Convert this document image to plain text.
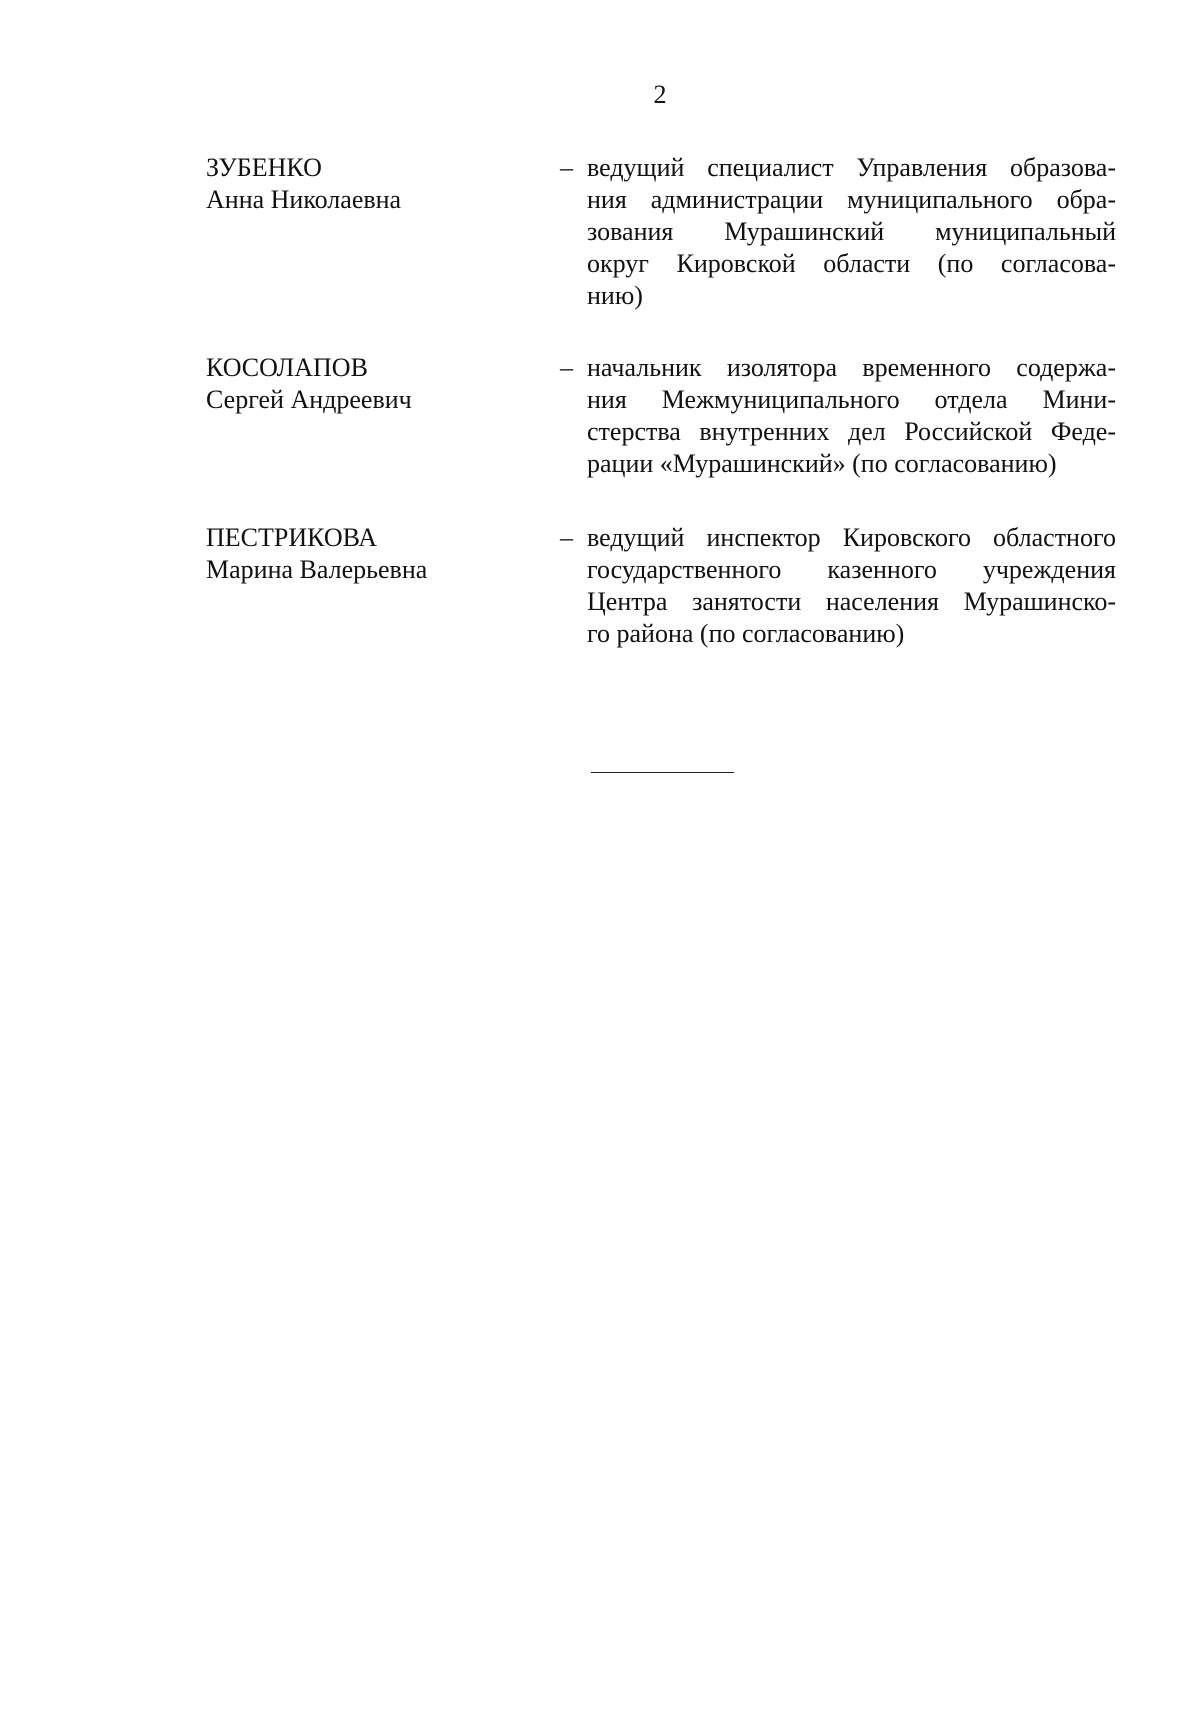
2
ЗУБЕНКО
Анна Николаевна
– ведущий специалист Управления образова-
ния администрации муниципального обра-
зования Мурашинский муниципальный
округ Кировской области (по согласова-
нию)
КОСОЛАПОВ
Сергей Андреевич
– начальник изолятора временного содержа-
ния Межмуниципального отдела Мини-
стерства внутренних дел Российской Феде-
рации «Мурашинский» (по согласованию)
ПЕСТРИКОВА
Марина Валерьевна
– ведущий инспектор Кировского областного
государственного казенного учреждения
Центра занятости населения Мурашинско-
го района (по согласованию)
